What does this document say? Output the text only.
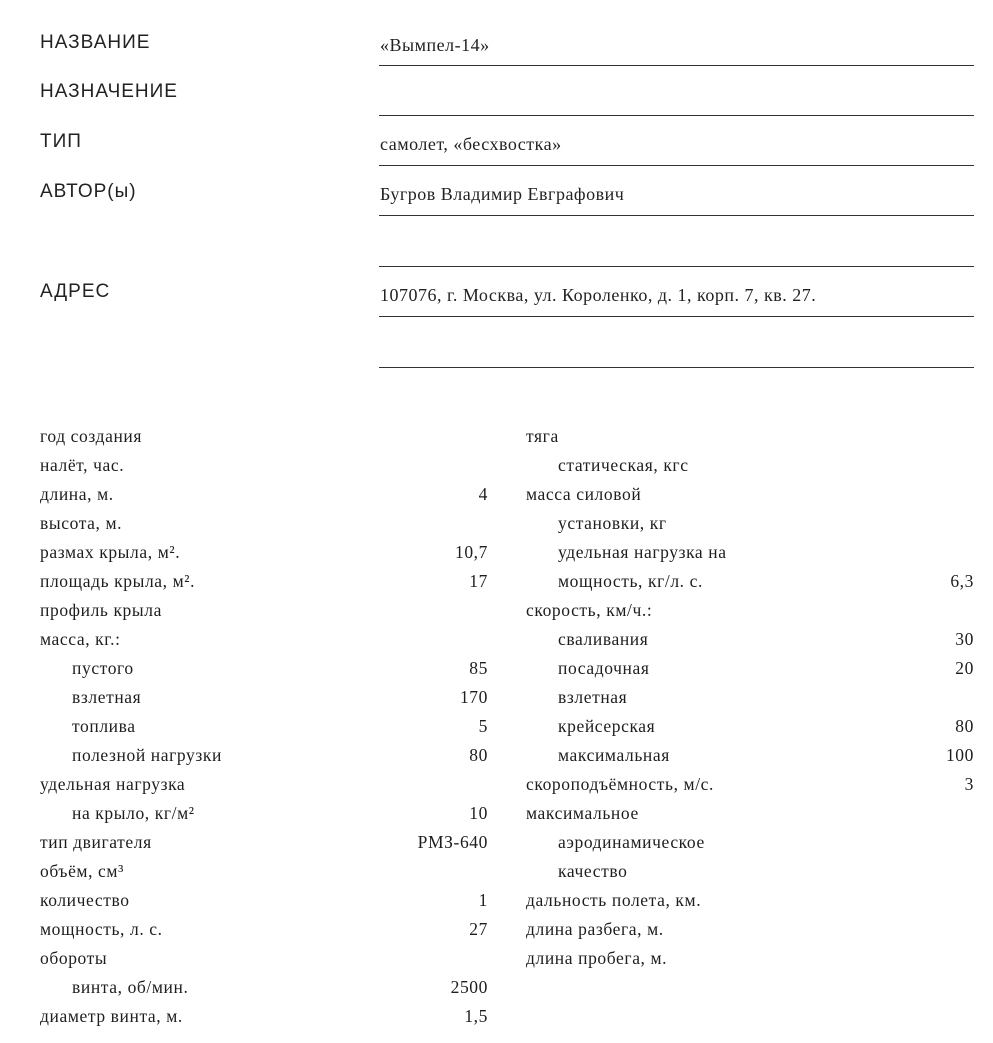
НАЗВАНИЕ	«Вымпел-14»
НАЗНАЧЕНИЕ
ТИП	самолет, «бесхвостка»
АВТОР(ы)	Бугров Владимир Евграфович
АДРЕС	107076, г. Москва, ул. Короленко, д. 1, корп. 7, кв. 27.
год создания
налёт, час.
длина, м.	4
высота, м.
размах крыла, м².	10,7
площадь крыла, м².	17
профиль крыла
масса, кг.:
пустого	85
взлетная	170
топлива	5
полезной нагрузки	80
удельная нагрузка
на крыло, кг/м²	10
тип двигателя	РМЗ-640
объём, см³
количество	1
мощность, л. с.	27
обороты
винта, об/мин.	2500
диаметр винта, м.	1,5
тяга
статическая, кгс
масса силовой
установки, кг
удельная нагрузка на
мощность, кг/л. с.	6,3
скорость, км/ч.:
сваливания	30
посадочная	20
взлетная
крейсерская	80
максимальная	100
скороподъёмность, м/с.	3
максимальное
аэродинамическое
качество
дальность полета, км.
длина разбега, м.
длина пробега, м.
